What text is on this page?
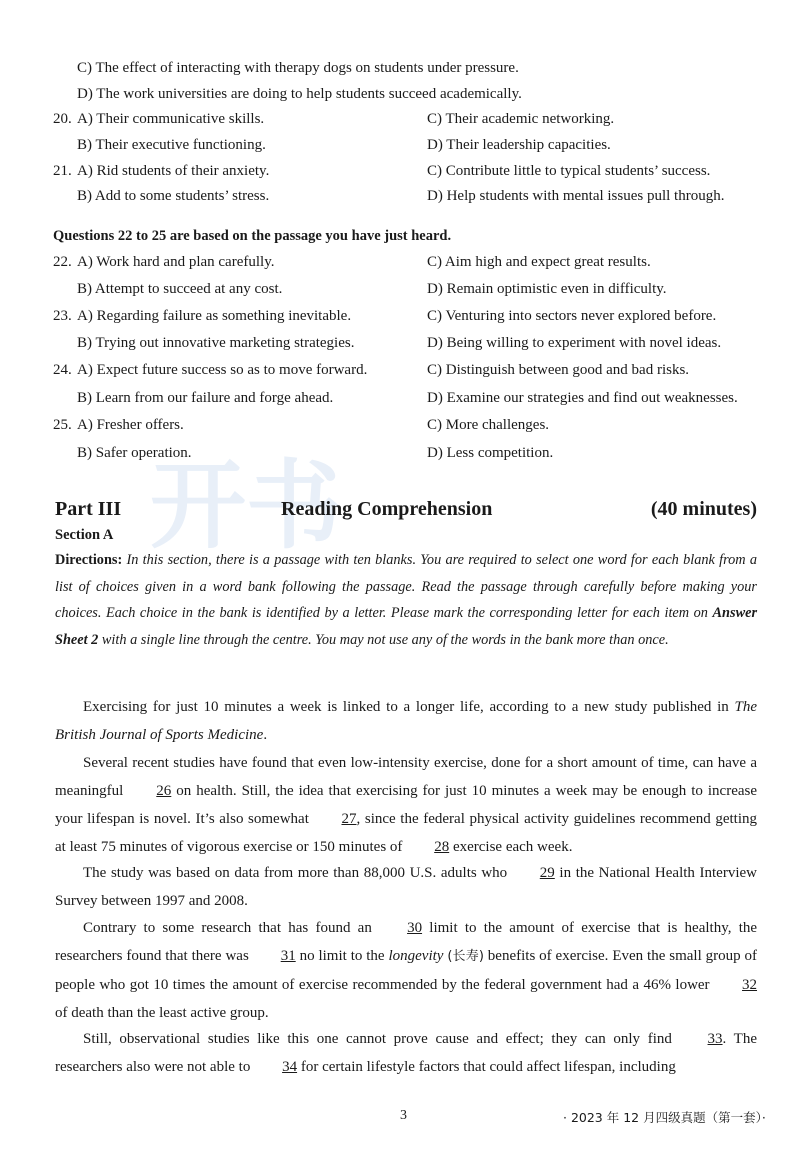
开书
C) The effect of interacting with therapy dogs on students under pressure.
D) The work universities are doing to help students succeed academically.
20. A) Their communicative skills.	C) Their academic networking.
B) Their executive functioning.	D) Their leadership capacities.
21. A) Rid students of their anxiety.	C) Contribute little to typical students’ success.
B) Add to some students’ stress.	D) Help students with mental issues pull through.
Questions 22 to 25 are based on the passage you have just heard.
22. A) Work hard and plan carefully.	C) Aim high and expect great results.
B) Attempt to succeed at any cost.	D) Remain optimistic even in difficulty.
23. A) Regarding failure as something inevitable.	C) Venturing into sectors never explored before.
B) Trying out innovative marketing strategies.	D) Being willing to experiment with novel ideas.
24. A) Expect future success so as to move forward.	C) Distinguish between good and bad risks.
B) Learn from our failure and forge ahead.	D) Examine our strategies and find out weaknesses.
25. A) Fresher offers.	C) More challenges.
B) Safer operation.	D) Less competition.
Part III	Reading Comprehension	(40 minutes)
Section A
Directions: In this section, there is a passage with ten blanks. You are required to select one word for each blank from a list of choices given in a word bank following the passage. Read the passage through carefully before making your choices. Each choice in the bank is identified by a letter. Please mark the corresponding letter for each item on Answer Sheet 2 with a single line through the centre. You may not use any of the words in the bank more than once.
Exercising for just 10 minutes a week is linked to a longer life, according to a new study published in The British Journal of Sports Medicine.
Several recent studies have found that even low-intensity exercise, done for a short amount of time, can have a meaningful 26 on health. Still, the idea that exercising for just 10 minutes a week may be enough to increase your lifespan is novel. It’s also somewhat 27, since the federal physical activity guidelines recommend getting at least 75 minutes of vigorous exercise or 150 minutes of 28 exercise each week.
The study was based on data from more than 88,000 U.S. adults who 29 in the National Health Interview Survey between 1997 and 2008.
Contrary to some research that has found an 30 limit to the amount of exercise that is healthy, the researchers found that there was 31 no limit to the longevity (长寿) benefits of exercise. Even the small group of people who got 10 times the amount of exercise recommended by the federal government had a 46% lower 32 of death than the least active group.
Still, observational studies like this one cannot prove cause and effect; they can only find 33. The researchers also were not able to 34 for certain lifestyle factors that could affect lifespan, including
3	· 2023 年 12 月四级真题（第一套）·
